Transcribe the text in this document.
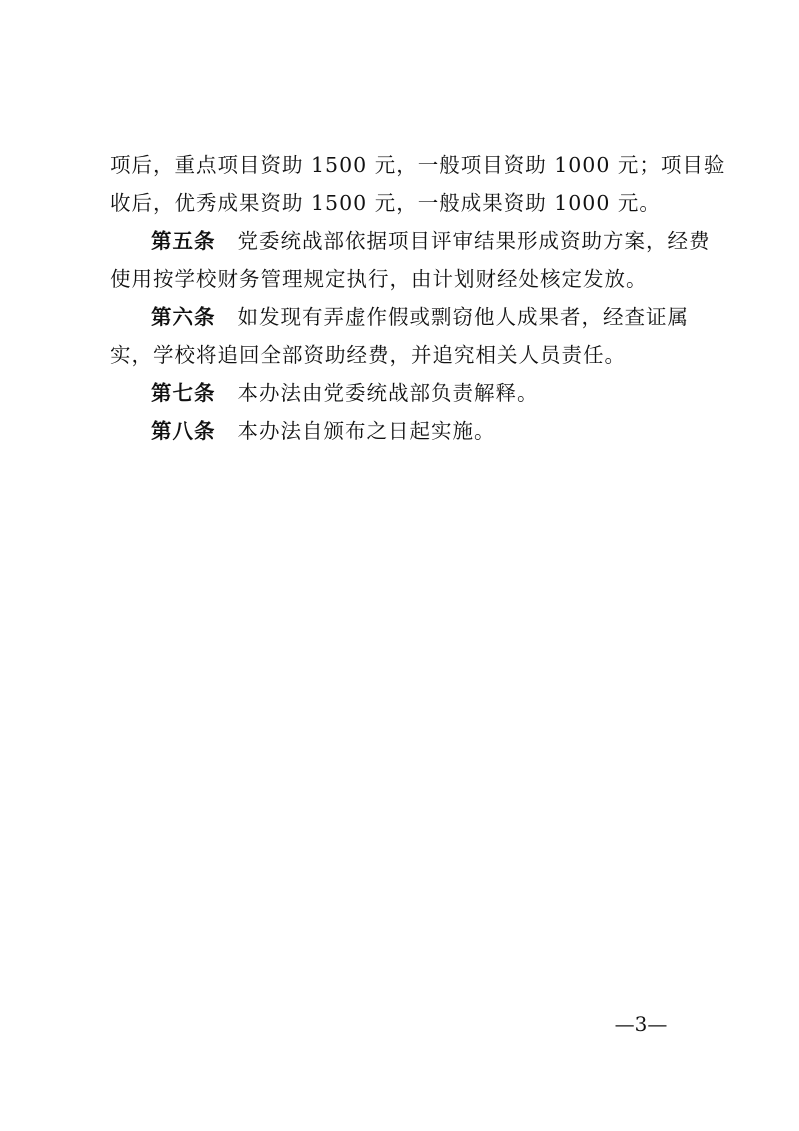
项后，重点项目资助 1500 元，一般项目资助 1000 元；项目验收后，优秀成果资助 1500 元，一般成果资助 1000 元。

第五条 党委统战部依据项目评审结果形成资助方案，经费使用按学校财务管理规定执行，由计划财经处核定发放。

第六条 如发现有弄虚作假或剽窃他人成果者，经查证属实，学校将追回全部资助经费，并追究相关人员责任。

第七条 本办法由党委统战部负责解释。

第八条 本办法自颁布之日起实施。

—3—
